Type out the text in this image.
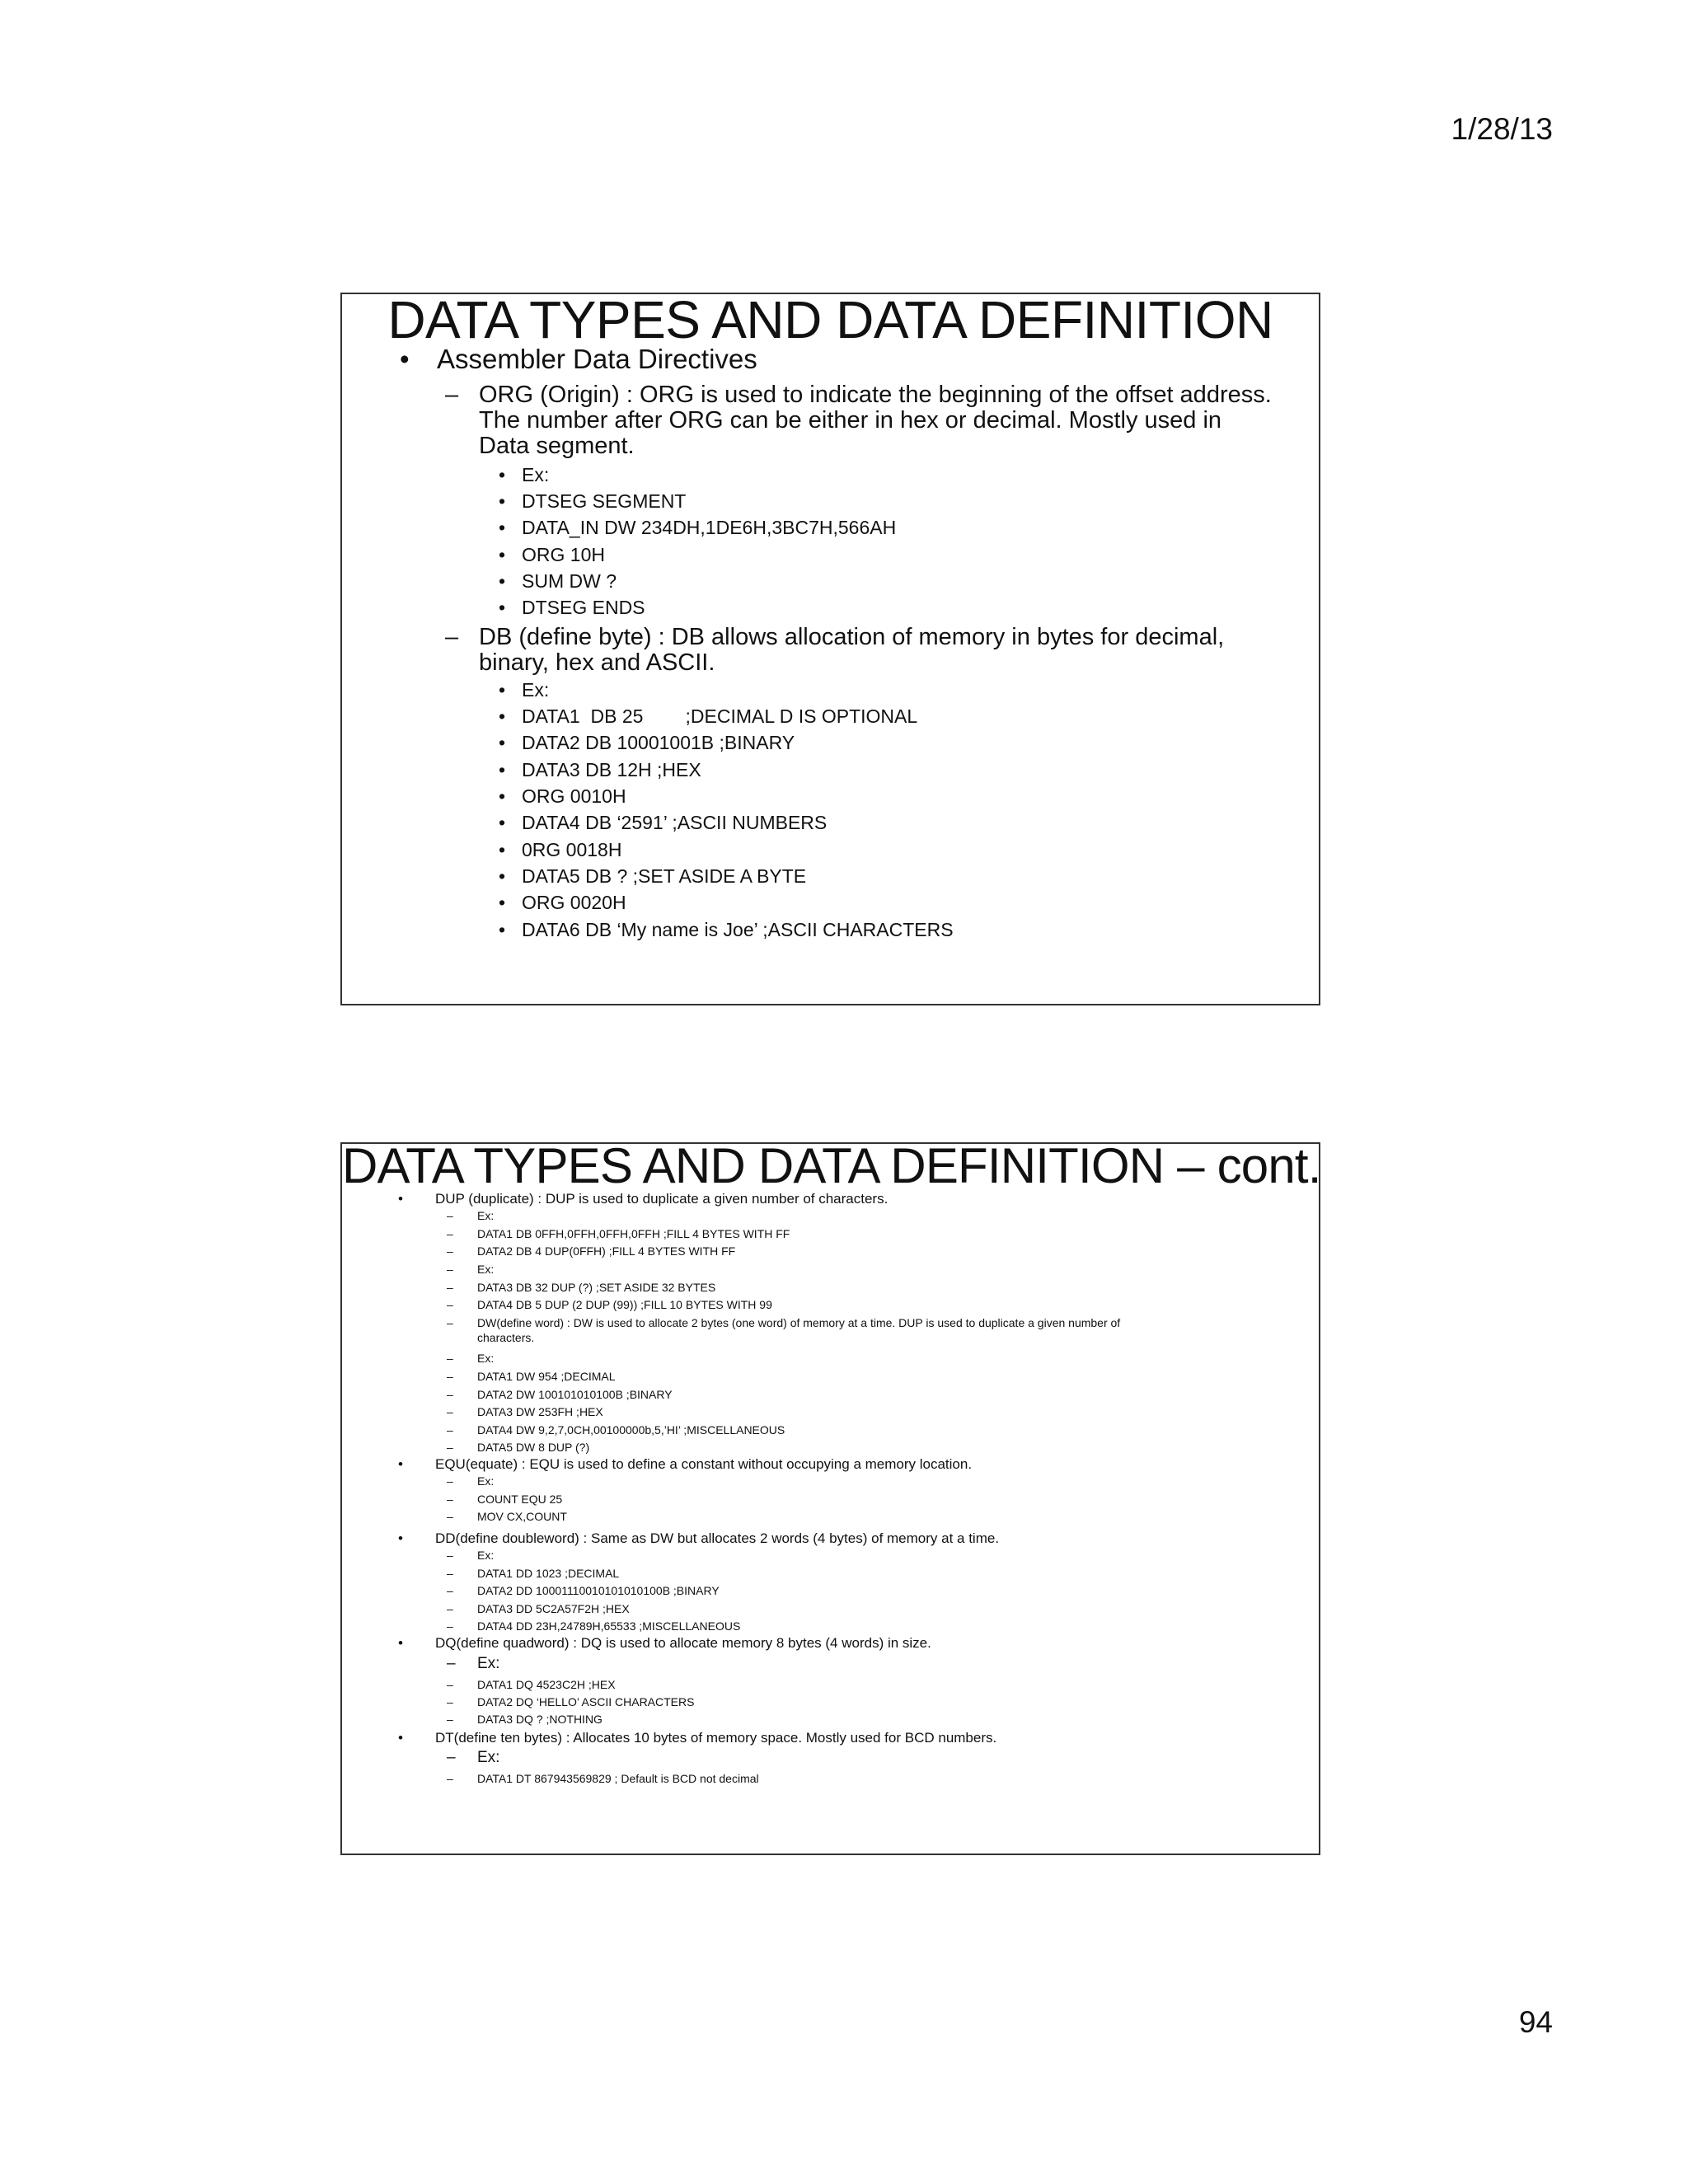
1/28/13
DATA TYPES AND DATA DEFINITION
• Assembler Data Directives
– ORG (Origin) : ORG is used to indicate the beginning of the offset address.
The number after ORG can be either in hex or decimal. Mostly used in
Data segment.
• Ex:
• DTSEG SEGMENT
• DATA_IN DW 234DH,1DE6H,3BC7H,566AH
• ORG 10H
• SUM DW ?
• DTSEG ENDS
– DB (define byte) : DB allows allocation of memory in bytes for decimal,
binary, hex and ASCII.
• Ex:
• DATA1  DB 25        ;DECIMAL D IS OPTIONAL
• DATA2 DB 10001001B ;BINARY
• DATA3 DB 12H ;HEX
• ORG 0010H
• DATA4 DB ‘2591’ ;ASCII NUMBERS
• 0RG 0018H
• DATA5 DB ? ;SET ASIDE A BYTE
• ORG 0020H
• DATA6 DB ‘My name is Joe’ ;ASCII CHARACTERS
DATA TYPES AND DATA DEFINITION – cont.
• DUP (duplicate) : DUP is used to duplicate a given number of characters.
– Ex:
– DATA1 DB 0FFH,0FFH,0FFH,0FFH ;FILL 4 BYTES WITH FF
– DATA2 DB 4 DUP(0FFH) ;FILL 4 BYTES WITH FF
– Ex:
– DATA3 DB 32 DUP (?) ;SET ASIDE 32 BYTES
– DATA4 DB 5 DUP (2 DUP (99)) ;FILL 10 BYTES WITH 99
– DW(define word) : DW is used to allocate 2 bytes (one word) of memory at a time. DUP is used to duplicate a given number of
characters.
– Ex:
– DATA1 DW 954 ;DECIMAL
– DATA2 DW 100101010100B ;BINARY
– DATA3 DW 253FH ;HEX
– DATA4 DW 9,2,7,0CH,00100000b,5,’HI’ ;MISCELLANEOUS
– DATA5 DW 8 DUP (?)
• EQU(equate) : EQU is used to define a constant without occupying a memory location.
– Ex:
– COUNT EQU 25
– MOV CX,COUNT
• DD(define doubleword) : Same as DW but allocates 2 words (4 bytes) of memory at a time.
– Ex:
– DATA1 DD 1023 ;DECIMAL
– DATA2 DD 10001110010101010100B ;BINARY
– DATA3 DD 5C2A57F2H ;HEX
– DATA4 DD 23H,24789H,65533 ;MISCELLANEOUS
• DQ(define quadword) : DQ is used to allocate memory 8 bytes (4 words) in size.
– Ex:
– DATA1 DQ 4523C2H ;HEX
– DATA2 DQ ‘HELLO’ ASCII CHARACTERS
– DATA3 DQ ? ;NOTHING
• DT(define ten bytes) : Allocates 10 bytes of memory space. Mostly used for BCD numbers.
– Ex:
– DATA1 DT 867943569829 ; Default is BCD not decimal
94
